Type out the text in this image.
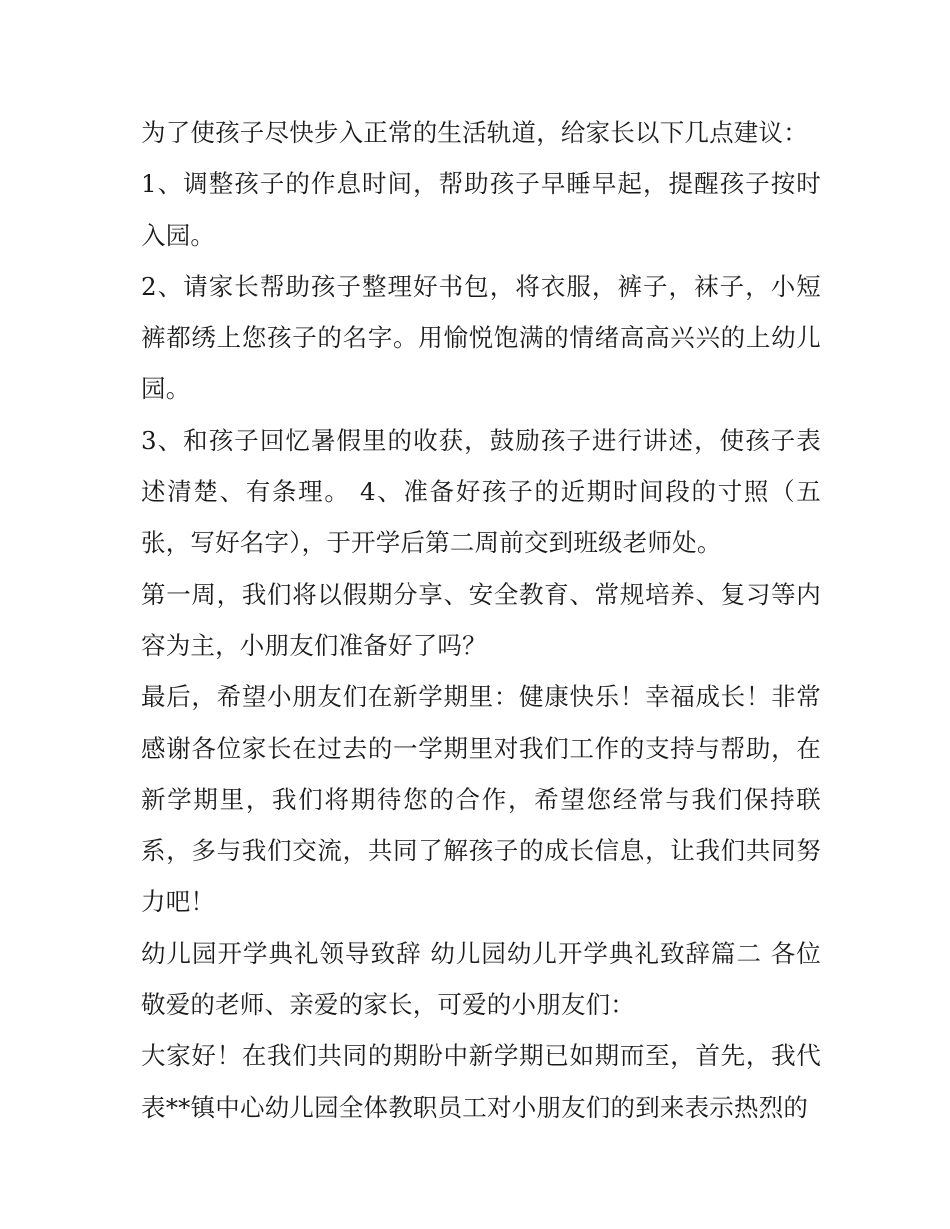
为了使孩子尽快步入正常的生活轨道，给家长以下几点建议：

1、调整孩子的作息时间，帮助孩子早睡早起，提醒孩子按时入园。

2、请家长帮助孩子整理好书包，将衣服，裤子，袜子，小短裤都绣上您孩子的名字。用愉悦饱满的情绪高高兴兴的上幼儿园。

3、和孩子回忆暑假里的收获，鼓励孩子进行讲述，使孩子表述清楚、有条理。 4、准备好孩子的近期时间段的寸照（五张，写好名字），于开学后第二周前交到班级老师处。

第一周，我们将以假期分享、安全教育、常规培养、复习等内容为主，小朋友们准备好了吗？

最后，希望小朋友们在新学期里：健康快乐！幸福成长！非常感谢各位家长在过去的一学期里对我们工作的支持与帮助，在新学期里，我们将期待您的合作，希望您经常与我们保持联系，多与我们交流，共同了解孩子的成长信息，让我们共同努力吧！

幼儿园开学典礼领导致辞 幼儿园幼儿开学典礼致辞篇二 各位敬爱的老师、亲爱的家长，可爱的小朋友们：

大家好！在我们共同的期盼中新学期已如期而至，首先，我代表**镇中心幼儿园全体教职员工对小朋友们的到来表示热烈的
